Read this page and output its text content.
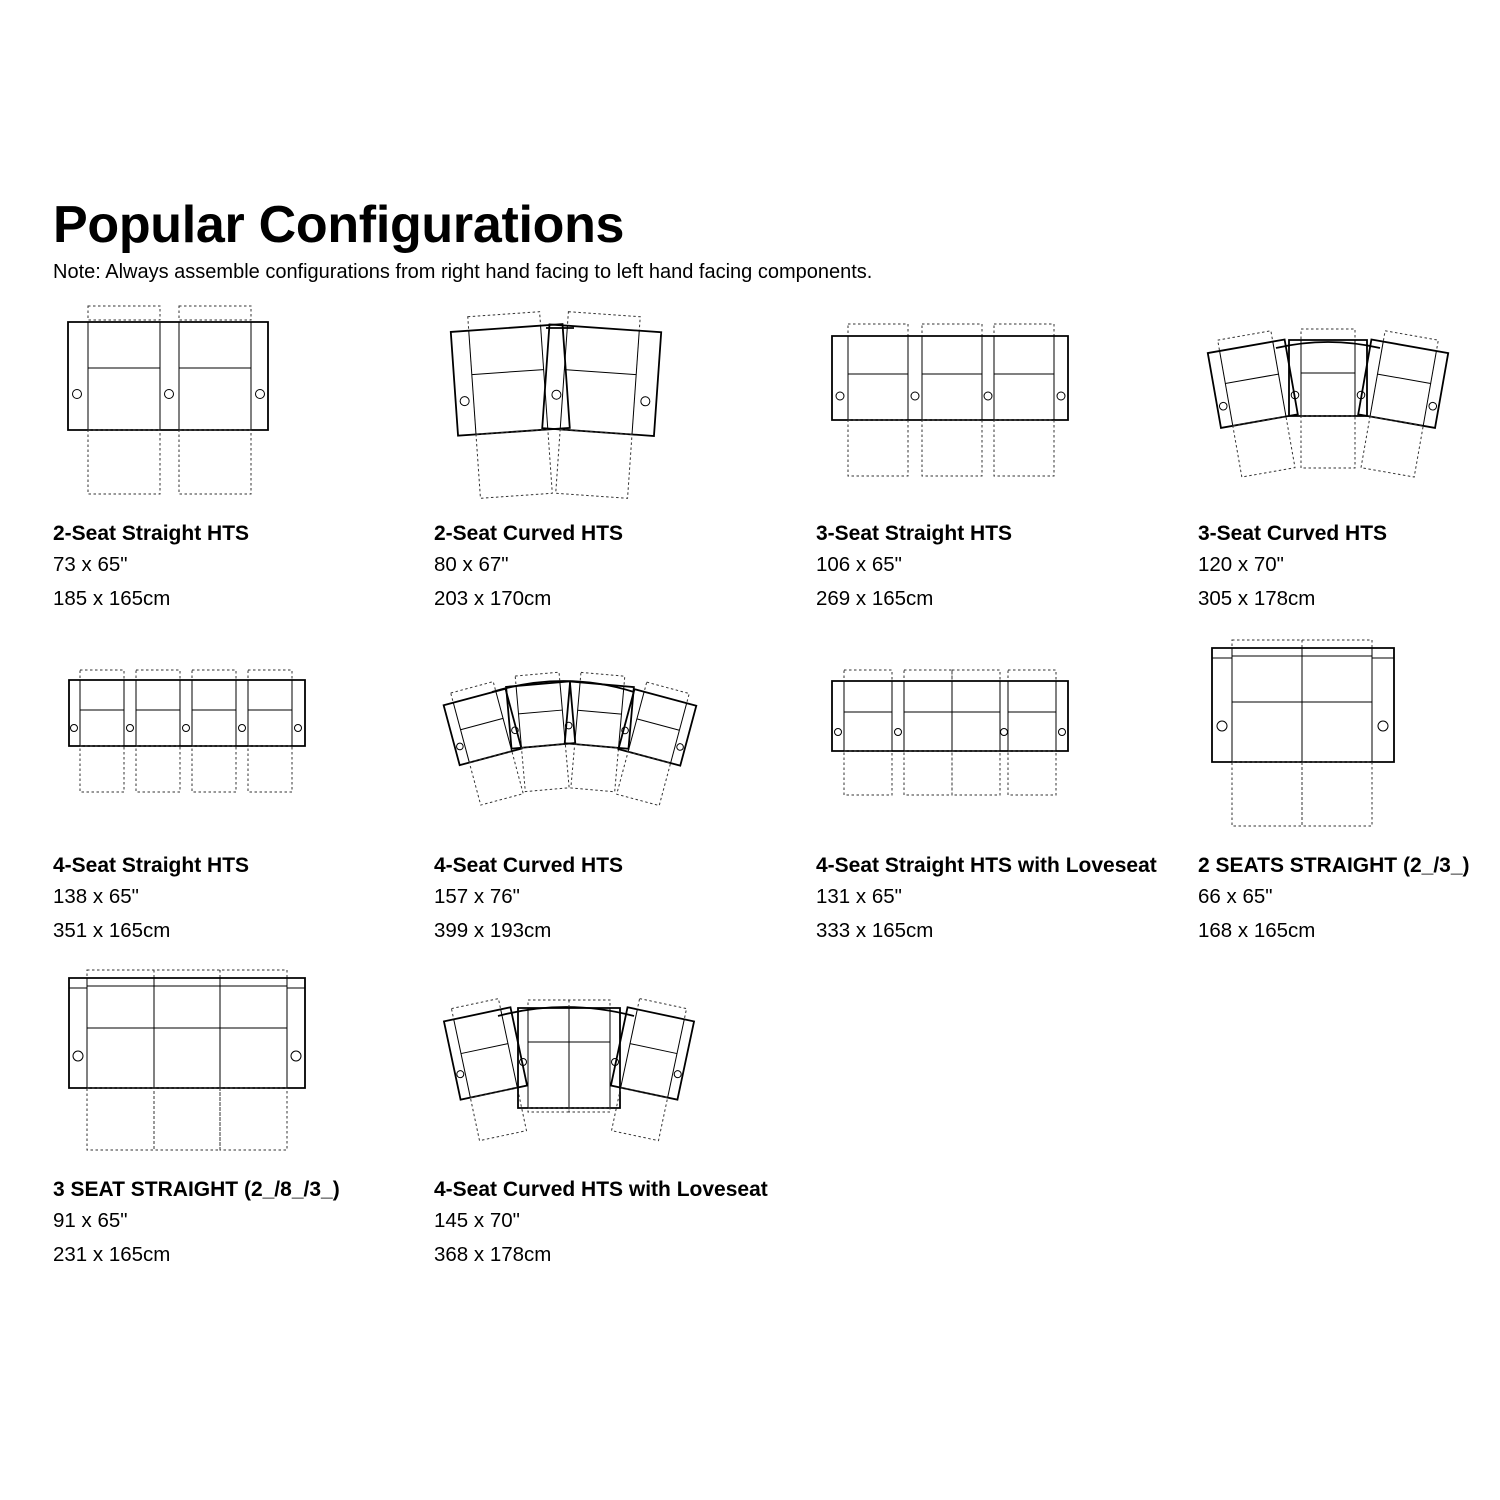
Popular Configurations

Note: Always assemble configurations from right hand facing to left hand facing components.

2-Seat Straight HTS
73 x 65"
185 x 165cm
2-Seat Curved HTS
80 x 67"
203 x 170cm
3-Seat Straight HTS
106 x 65"
269 x 165cm
3-Seat Curved HTS
120 x 70"
305 x 178cm
4-Seat Straight HTS
138 x 65"
351 x 165cm
4-Seat Curved HTS
157 x 76"
399 x 193cm
4-Seat Straight HTS with Loveseat
131 x 65"
333 x 165cm
2 SEATS STRAIGHT (2_/3_)
66 x 65"
168 x 165cm
3 SEAT STRAIGHT (2_/8_/3_)
91 x 65"
231 x 165cm
4-Seat Curved HTS with Loveseat
145 x 70"
368 x 178cm
